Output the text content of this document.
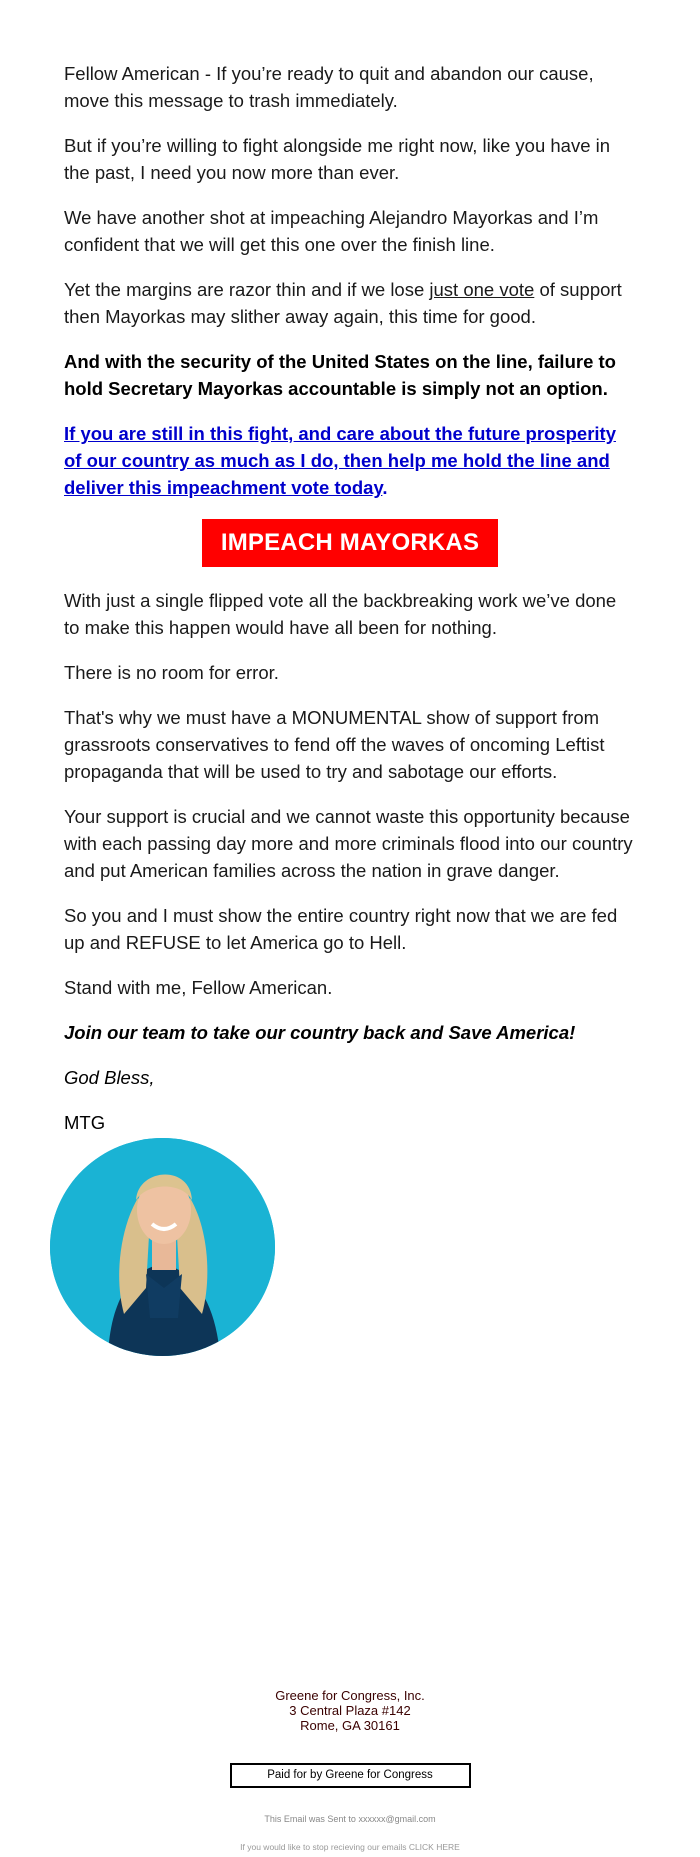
Fellow American - If you’re ready to quit and abandon our cause, move this message to trash immediately.

But if you’re willing to fight alongside me right now, like you have in the past, I need you now more than ever.

We have another shot at impeaching Alejandro Mayorkas and I’m confident that we will get this one over the finish line.

Yet the margins are razor thin and if we lose just one vote of support then Mayorkas may slither away again, this time for good.

And with the security of the United States on the line, failure to hold Secretary Mayorkas accountable is simply not an option.

If you are still in this fight, and care about the future prosperity of our country as much as I do, then help me hold the line and deliver this impeachment vote today.

IMPEACH MAYORKAS

With just a single flipped vote all the backbreaking work we’ve done to make this happen would have all been for nothing.

There is no room for error.

That's why we must have a MONUMENTAL show of support from grassroots conservatives to fend off the waves of oncoming Leftist propaganda that will be used to try and sabotage our efforts.

Your support is crucial and we cannot waste this opportunity because with each passing day more and more criminals flood into our country and put American families across the nation in grave danger.

So you and I must show the entire country right now that we are fed up and REFUSE to let America go to Hell.

Stand with me, Fellow American.

Join our team to take our country back and Save America!

God Bless,

MTG

Greene for Congress, Inc.
3 Central Plaza #142
Rome, GA 30161
Paid for by Greene for Congress
This Email was Sent to xxxxxx@gmail.com
If you would like to stop recieving our emails CLICK HERE
